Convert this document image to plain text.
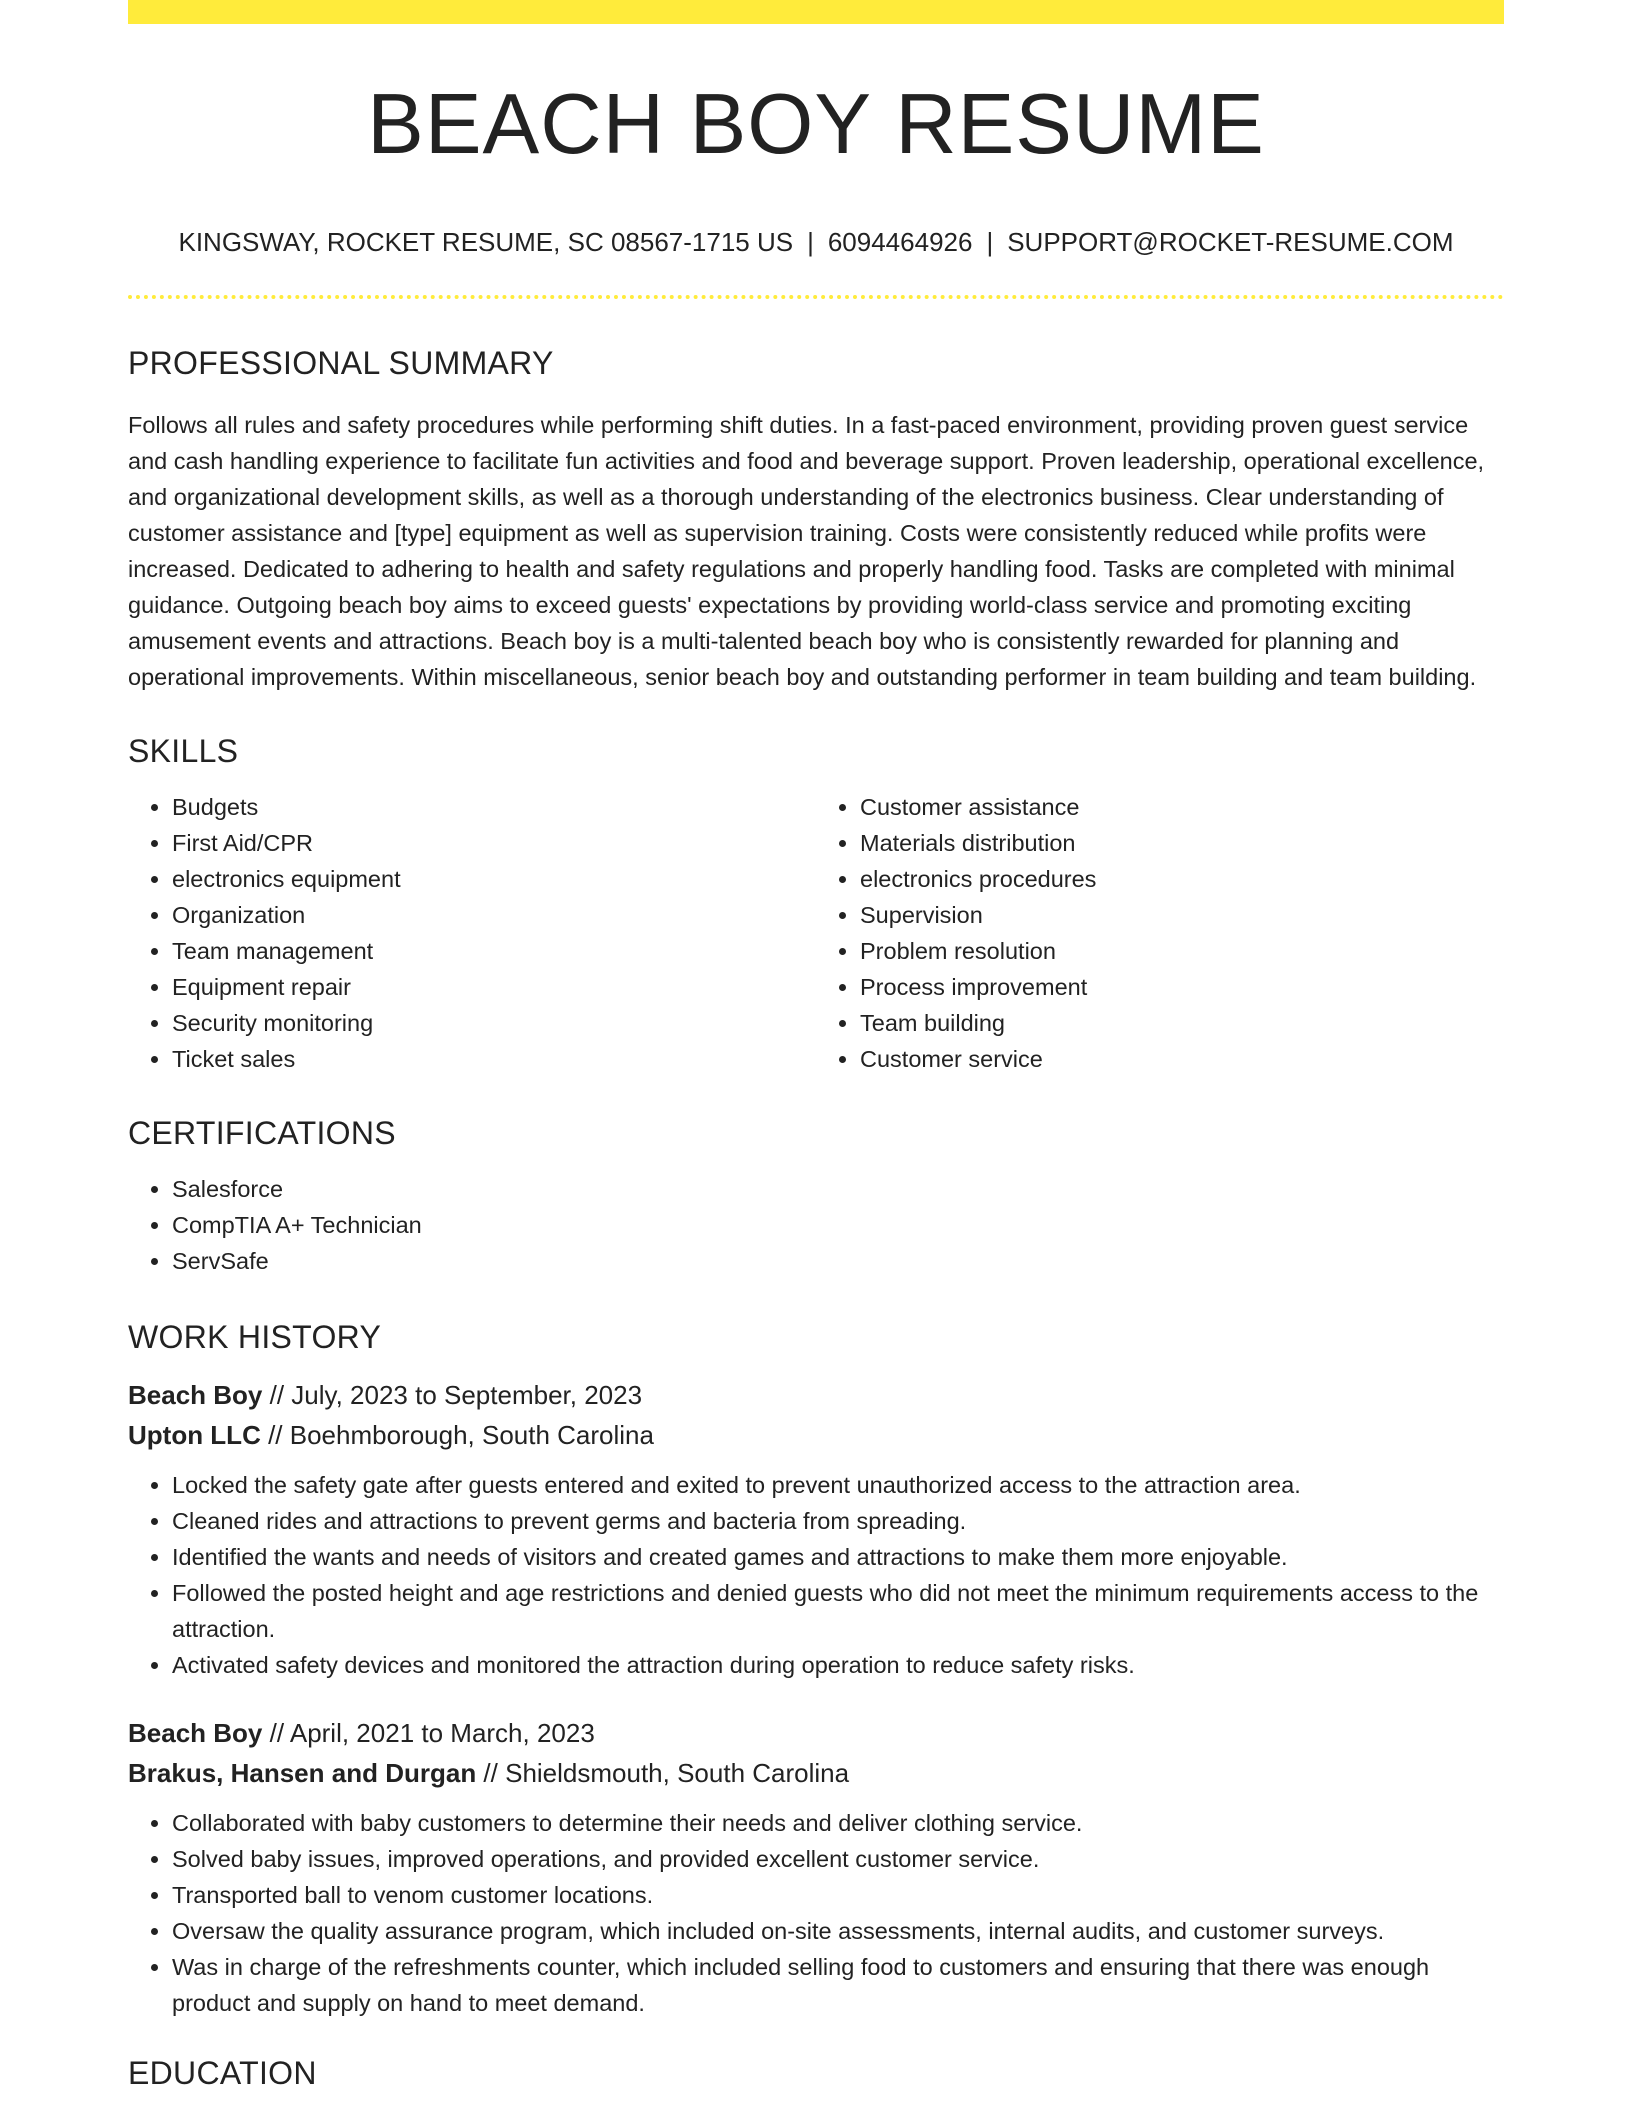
BEACH BOY RESUME
KINGSWAY, ROCKET RESUME, SC 08567-1715 US | 6094464926 | SUPPORT@ROCKET-RESUME.COM
PROFESSIONAL SUMMARY

Follows all rules and safety procedures while performing shift duties. In a fast-paced environment, providing proven guest service and cash handling experience to facilitate fun activities and food and beverage support. Proven leadership, operational excellence, and organizational development skills, as well as a thorough understanding of the electronics business. Clear understanding of customer assistance and [type] equipment as well as supervision training. Costs were consistently reduced while profits were increased. Dedicated to adhering to health and safety regulations and properly handling food. Tasks are completed with minimal guidance. Outgoing beach boy aims to exceed guests' expectations by providing world-class service and promoting exciting amusement events and attractions. Beach boy is a multi-talented beach boy who is consistently rewarded for planning and operational improvements. Within miscellaneous, senior beach boy and outstanding performer in team building and team building.

SKILLS
• Budgets
• First Aid/CPR
• electronics equipment
• Organization
• Team management
• Equipment repair
• Security monitoring
• Ticket sales
• Customer assistance
• Materials distribution
• electronics procedures
• Supervision
• Problem resolution
• Process improvement
• Team building
• Customer service
CERTIFICATIONS
• Salesforce
• CompTIA A+ Technician
• ServSafe
WORK HISTORY
Beach Boy // July, 2023 to September, 2023
Upton LLC // Boehmborough, South Carolina
• Locked the safety gate after guests entered and exited to prevent unauthorized access to the attraction area.
• Cleaned rides and attractions to prevent germs and bacteria from spreading.
• Identified the wants and needs of visitors and created games and attractions to make them more enjoyable.
• Followed the posted height and age restrictions and denied guests who did not meet the minimum requirements access to the attraction.
• Activated safety devices and monitored the attraction during operation to reduce safety risks.
Beach Boy // April, 2021 to March, 2023
Brakus, Hansen and Durgan // Shieldsmouth, South Carolina
• Collaborated with baby customers to determine their needs and deliver clothing service.
• Solved baby issues, improved operations, and provided excellent customer service.
• Transported ball to venom customer locations.
• Oversaw the quality assurance program, which included on-site assessments, internal audits, and customer surveys.
• Was in charge of the refreshments counter, which included selling food to customers and ensuring that there was enough product and supply on hand to meet demand.
EDUCATION
